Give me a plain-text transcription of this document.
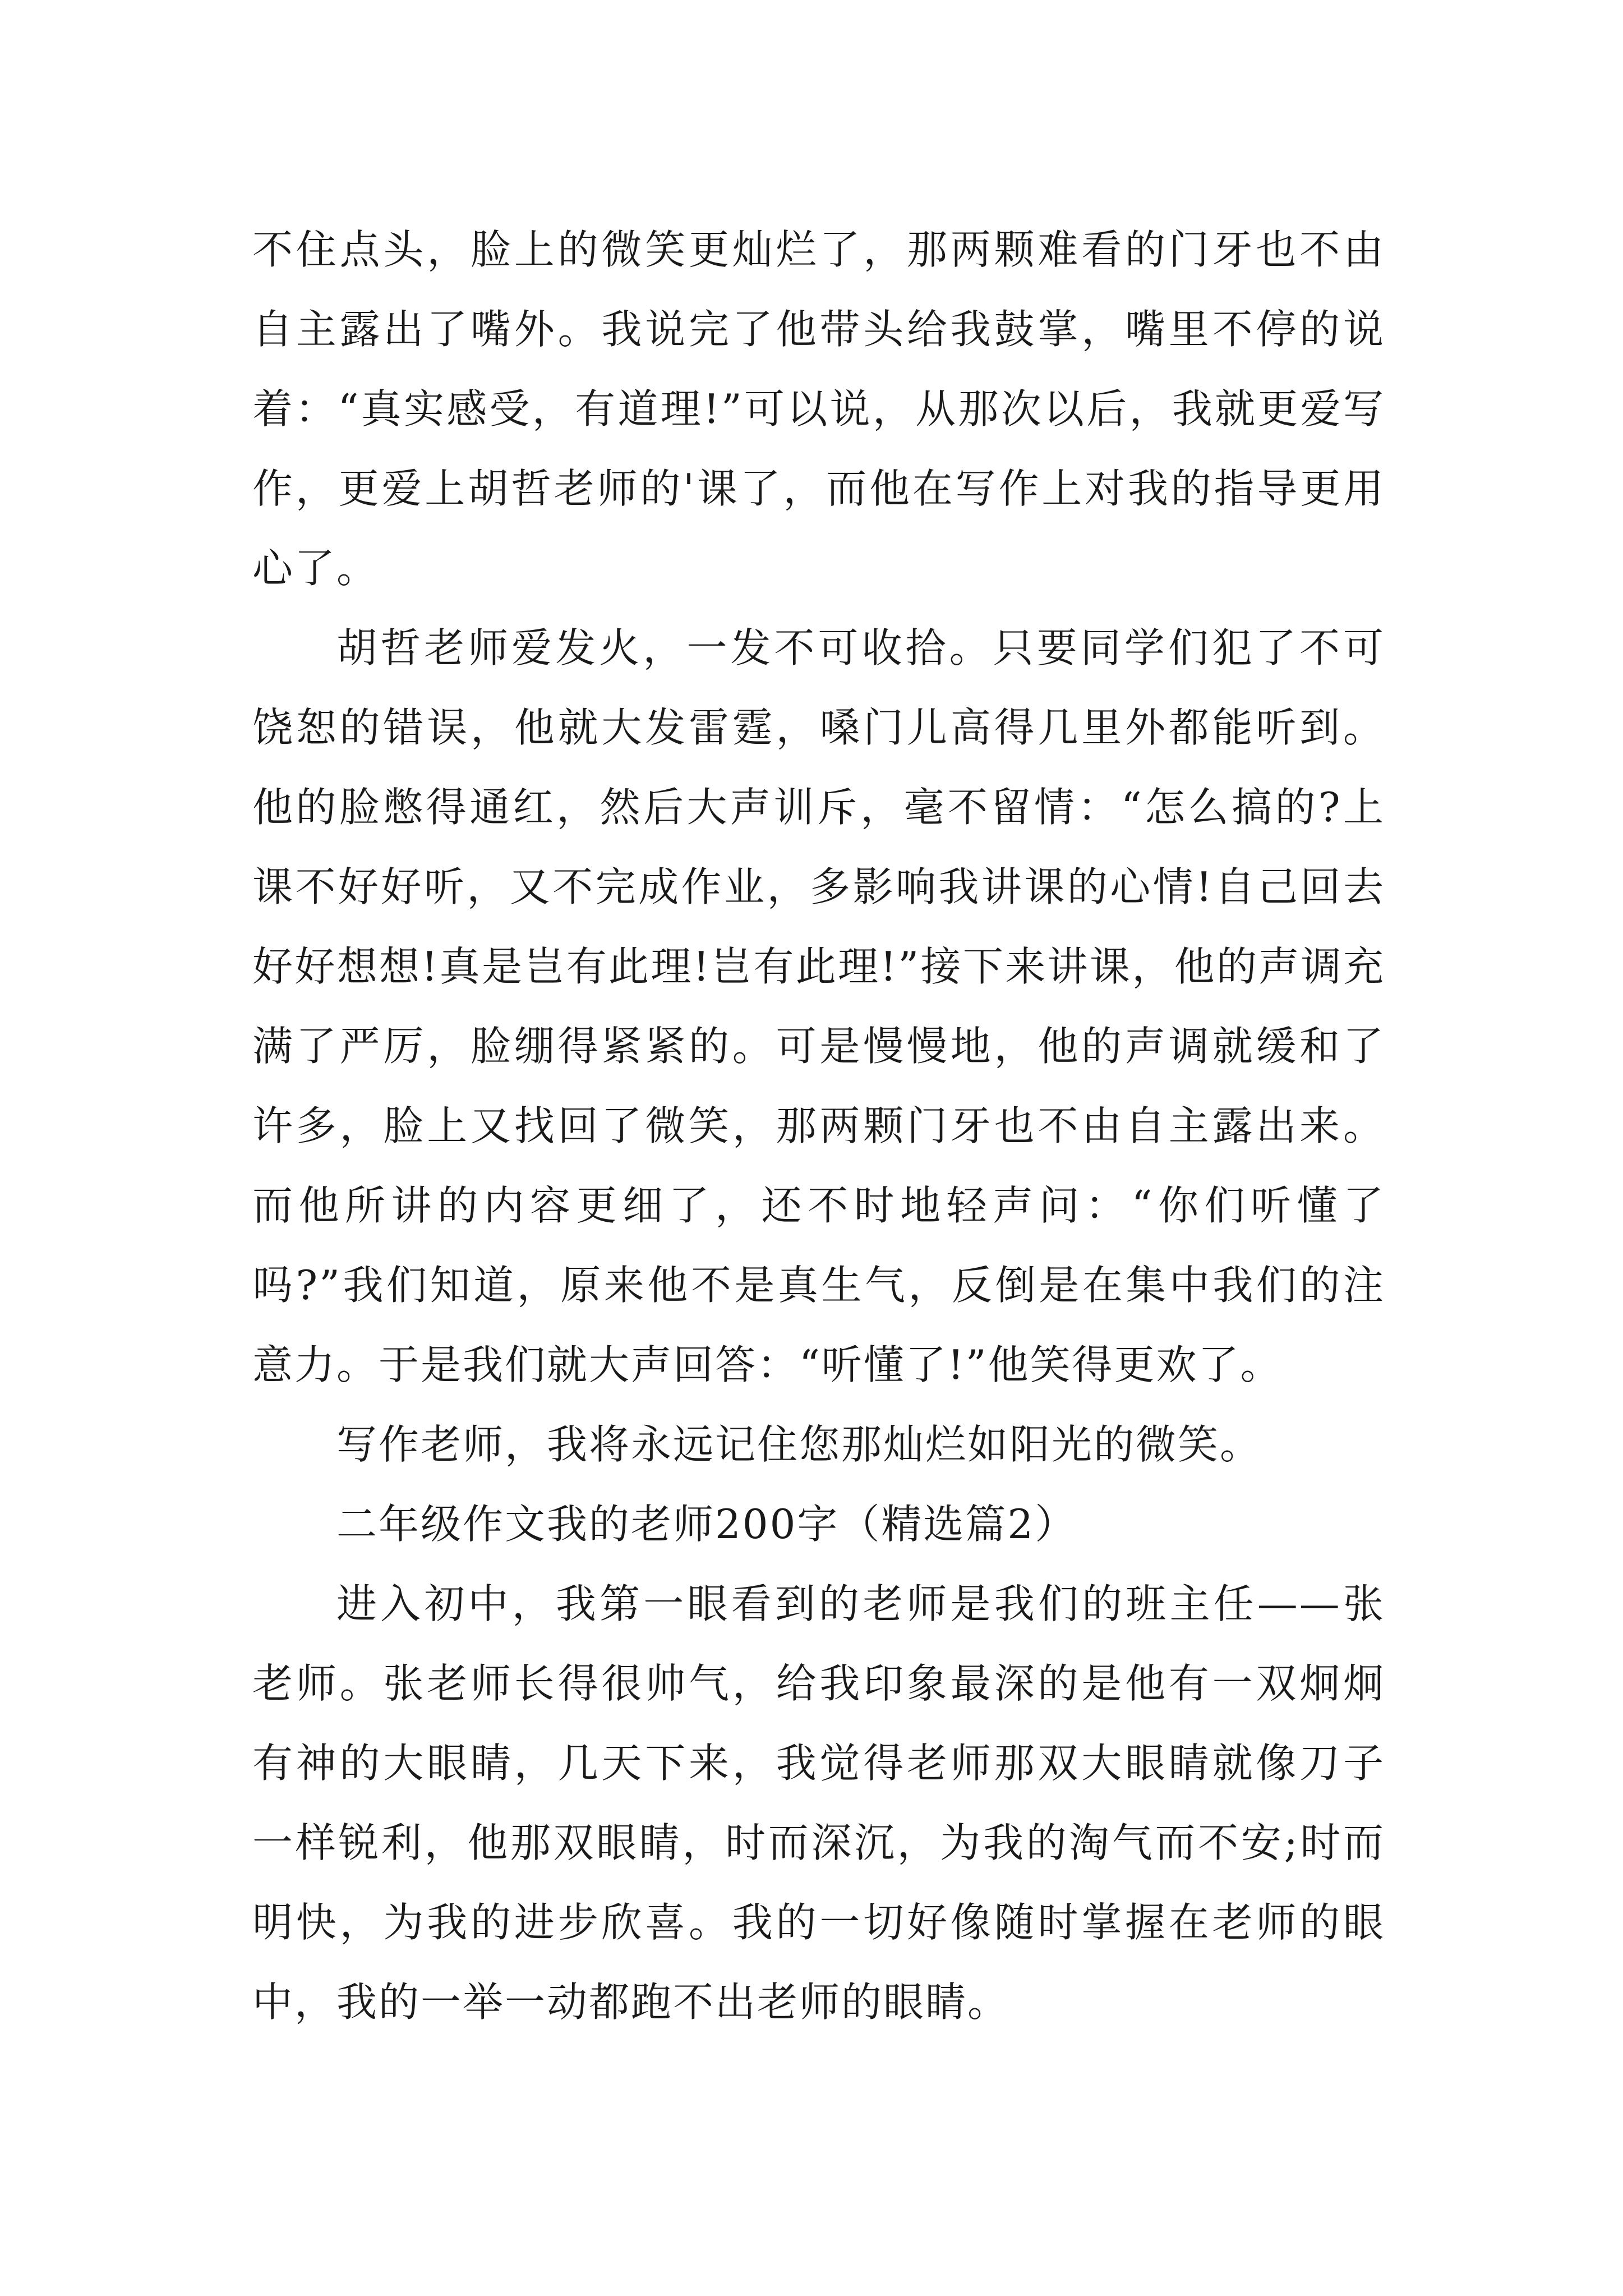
不住点头，脸上的微笑更灿烂了，那两颗难看的门牙也不由自主露出了嘴外。我说完了他带头给我鼓掌，嘴里不停的说着：“真实感受，有道理!”可以说，从那次以后，我就更爱写作，更爱上胡哲老师的'课了，而他在写作上对我的指导更用心了。

胡哲老师爱发火，一发不可收拾。只要同学们犯了不可饶恕的错误，他就大发雷霆，嗓门儿高得几里外都能听到。他的脸憋得通红，然后大声训斥，毫不留情：“怎么搞的?上课不好好听，又不完成作业，多影响我讲课的心情!自己回去好好想想!真是岂有此理!岂有此理!”接下来讲课，他的声调充满了严厉，脸绷得紧紧的。可是慢慢地，他的声调就缓和了许多，脸上又找回了微笑，那两颗门牙也不由自主露出来。而他所讲的内容更细了，还不时地轻声问：“你们听懂了吗?”我们知道，原来他不是真生气，反倒是在集中我们的注意力。于是我们就大声回答：“听懂了!”他笑得更欢了。

写作老师，我将永远记住您那灿烂如阳光的微笑。

二年级作文我的老师200字（精选篇2）

进入初中，我第一眼看到的老师是我们的班主任——张老师。张老师长得很帅气，给我印象最深的是他有一双炯炯有神的大眼睛，几天下来，我觉得老师那双大眼睛就像刀子一样锐利，他那双眼睛，时而深沉，为我的淘气而不安;时而明快，为我的进步欣喜。我的一切好像随时掌握在老师的眼中，我的一举一动都跑不出老师的眼睛。
